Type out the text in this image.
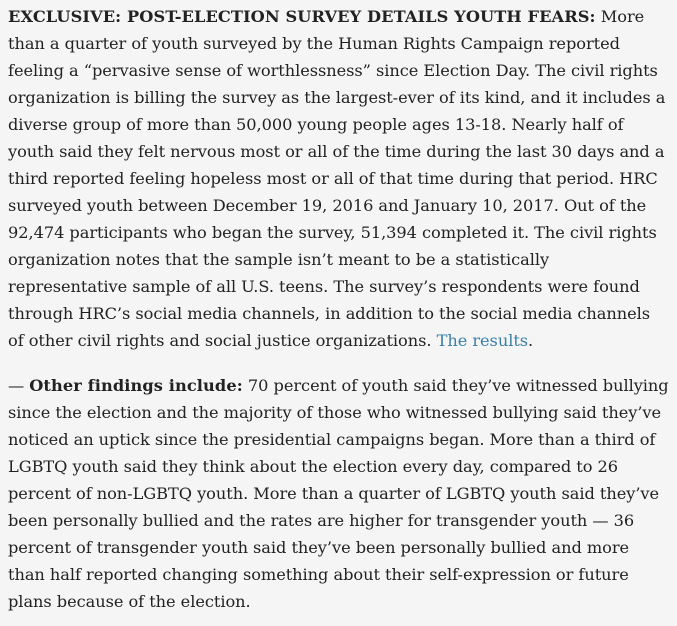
EXCLUSIVE: POST-ELECTION SURVEY DETAILS YOUTH FEARS: More than a quarter of youth surveyed by the Human Rights Campaign reported feeling a “pervasive sense of worthlessness” since Election Day. The civil rights organization is billing the survey as the largest-ever of its kind, and it includes a diverse group of more than 50,000 young people ages 13-18. Nearly half of youth said they felt nervous most or all of the time during the last 30 days and a third reported feeling hopeless most or all of that time during that period. HRC surveyed youth between December 19, 2016 and January 10, 2017. Out of the 92,474 participants who began the survey, 51,394 completed it. The civil rights organization notes that the sample isn’t meant to be a statistically representative sample of all U.S. teens. The survey’s respondents were found through HRC’s social media channels, in addition to the social media channels of other civil rights and social justice organizations. The results.

— Other findings include: 70 percent of youth said they’ve witnessed bullying since the election and the majority of those who witnessed bullying said they’ve noticed an uptick since the presidential campaigns began. More than a third of LGBTQ youth said they think about the election every day, compared to 26 percent of non-LGBTQ youth. More than a quarter of LGBTQ youth said they’ve been personally bullied and the rates are higher for transgender youth — 36 percent of transgender youth said they’ve been personally bullied and more than half reported changing something about their self-expression or future plans because of the election.
